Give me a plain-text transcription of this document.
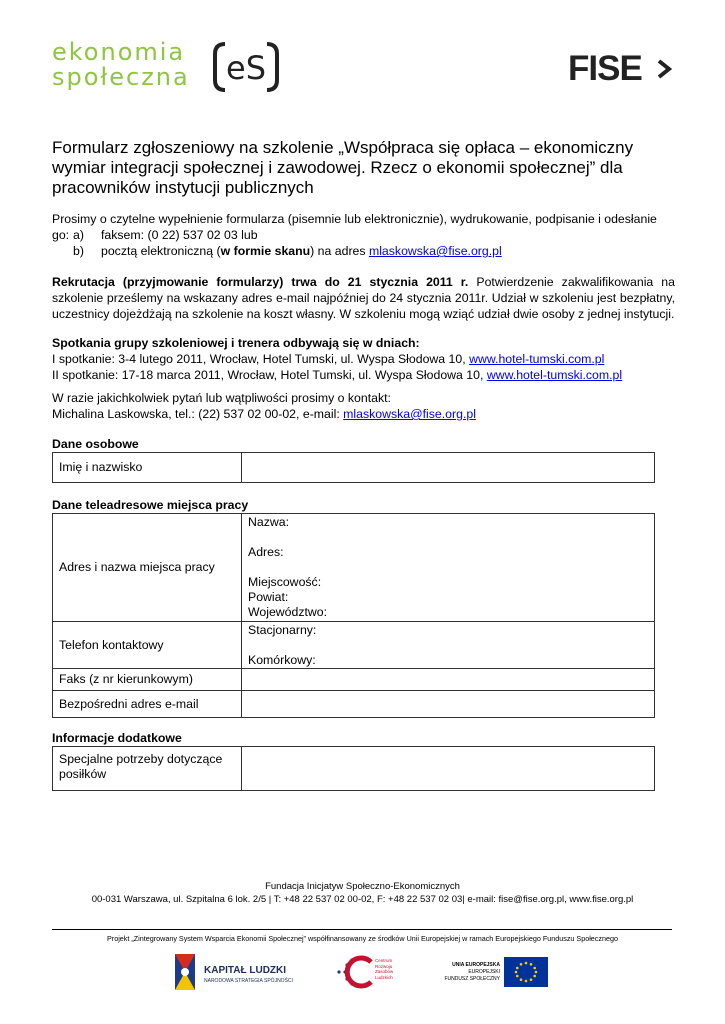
ekonomia
społeczna	eS	FISE
Formularz zgłoszeniowy na szkolenie „Współpraca się opłaca – ekonomiczny wymiar integracji społecznej i zawodowej. Rzecz o ekonomii społecznej” dla pracowników instytucji publicznych
Prosimy o czytelne wypełnienie formularza (pisemnie lub elektronicznie), wydrukowanie, podpisanie i odesłanie go: a) faksem: (0 22) 537 02 03 lub
b) pocztą elektroniczną (w formie skanu) na adres mlaskowska@fise.org.pl
Rekrutacja (przyjmowanie formularzy) trwa do 21 stycznia 2011 r. Potwierdzenie zakwalifikowania na szkolenie prześlemy na wskazany adres e-mail najpóźniej do 24 stycznia 2011r. Udział w szkoleniu jest bezpłatny, uczestnicy dojeżdżają na szkolenie na koszt własny. W szkoleniu mogą wziąć udział dwie osoby z jednej instytucji.
Spotkania grupy szkoleniowej i trenera odbywają się w dniach:
I spotkanie: 3-4 lutego 2011, Wrocław, Hotel Tumski, ul. Wyspa Słodowa 10, www.hotel-tumski.com.pl
II spotkanie: 17-18 marca 2011, Wrocław, Hotel Tumski, ul. Wyspa Słodowa 10, www.hotel-tumski.com.pl
W razie jakichkolwiek pytań lub wątpliwości prosimy o kontakt:
Michalina Laskowska, tel.: (22) 537 02 00-02, e-mail: mlaskowska@fise.org.pl
Dane osobowe
Imię i nazwisko	
Dane teleadresowe miejsca pracy
Adres i nazwa miejsca pracy	Nazwa:
Adres:
Miejscowość:
Powiat:
Województwo:

Telefon kontaktowy	Stacjonarny:
Komórkowy:

Faks (z nr kierunkowym)	
Bezpośredni adres e-mail	
Informacje dodatkowe
Specjalne potrzeby dotyczące
posiłków

Fundacja Inicjatyw Społeczno-Ekonomicznych
00-031 Warszawa, ul. Szpitalna 6 lok. 2/5 | T: +48 22 537 02 00-02, F: +48 22 537 02 03| e-mail: fise@fise.org.pl, www.fise.org.pl
Projekt „Zintegrowany System Wsparcia Ekonomii Społecznej” współfinansowany ze środków Unii Europejskiej w ramach Europejskiego Funduszu Społecznego
KAPITAŁ LUDZKI
NARODOWA STRATEGIA SPÓJNOŚCI
Centrum
Rozwoju
Zasobów
Ludzkich
UNIA EUROPEJSKA
EUROPEJSKI
FUNDUSZ SPOŁECZNY
